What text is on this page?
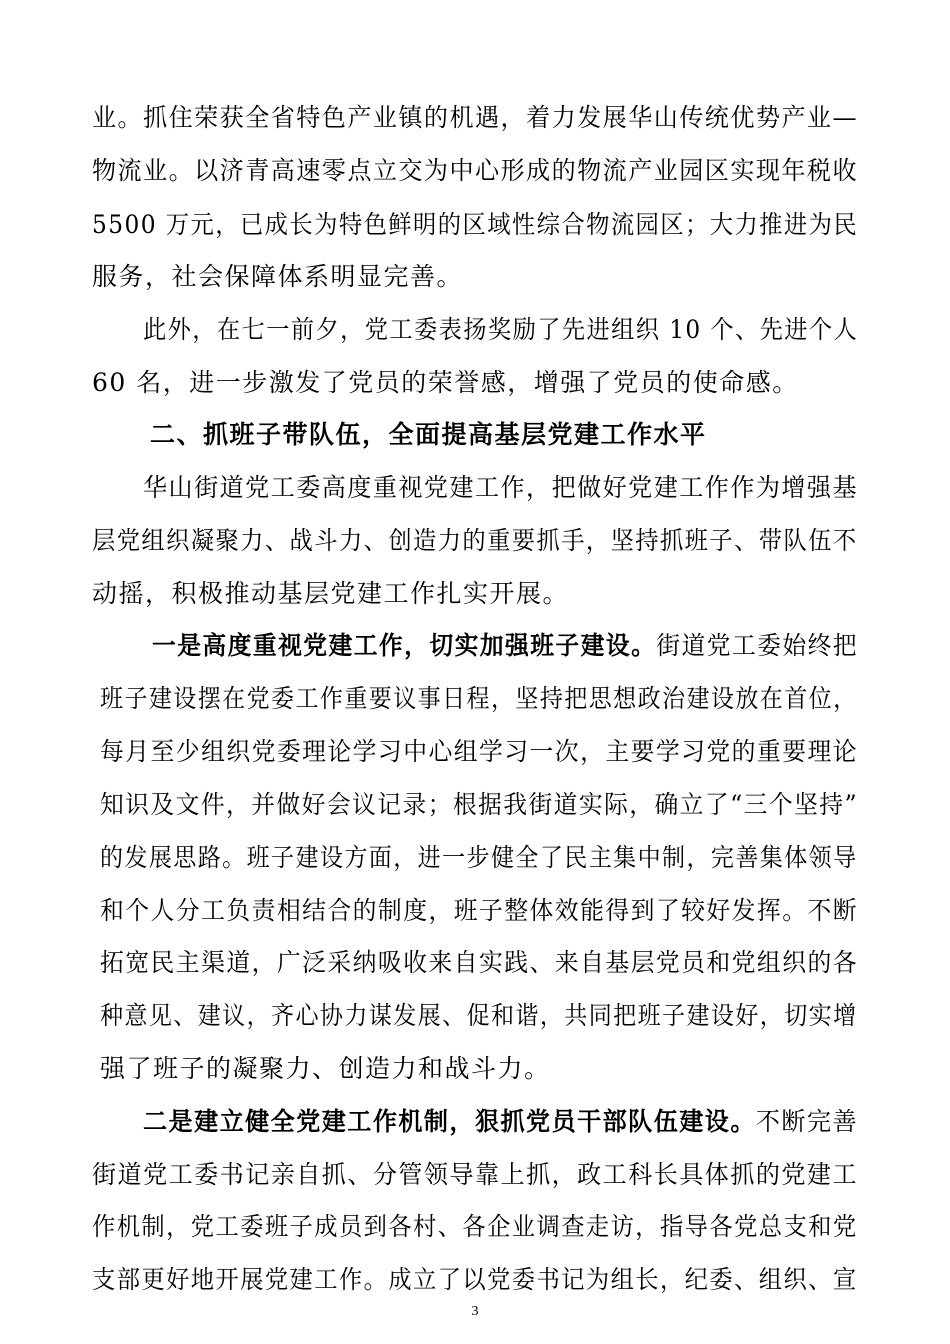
业。抓住荣获全省特色产业镇的机遇，着力发展华山传统优势产业—
物流业。以济青高速零点立交为中心形成的物流产业园区实现年税收
5500 万元，已成长为特色鲜明的区域性综合物流园区；大力推进为民
服务，社会保障体系明显完善。
此外，在七一前夕，党工委表扬奖励了先进组织 10 个、先进个人
60 名，进一步激发了党员的荣誉感，增强了党员的使命感。
二、抓班子带队伍，全面提高基层党建工作水平
华山街道党工委高度重视党建工作，把做好党建工作作为增强基
层党组织凝聚力、战斗力、创造力的重要抓手，坚持抓班子、带队伍不
动摇，积极推动基层党建工作扎实开展。
一是高度重视党建工作，切实加强班子建设。街道党工委始终把
班子建设摆在党委工作重要议事日程，坚持把思想政治建设放在首位，
每月至少组织党委理论学习中心组学习一次，主要学习党的重要理论
知识及文件，并做好会议记录；根据我街道实际，确立了“三个坚持”
的发展思路。班子建设方面，进一步健全了民主集中制，完善集体领导
和个人分工负责相结合的制度，班子整体效能得到了较好发挥。不断
拓宽民主渠道，广泛采纳吸收来自实践、来自基层党员和党组织的各
种意见、建议，齐心协力谋发展、促和谐，共同把班子建设好，切实增
强了班子的凝聚力、创造力和战斗力。
二是建立健全党建工作机制，狠抓党员干部队伍建设。不断完善
街道党工委书记亲自抓、分管领导靠上抓，政工科长具体抓的党建工
作机制，党工委班子成员到各村、各企业调查走访，指导各党总支和党
支部更好地开展党建工作。成立了以党委书记为组长，纪委、组织、宣
3
